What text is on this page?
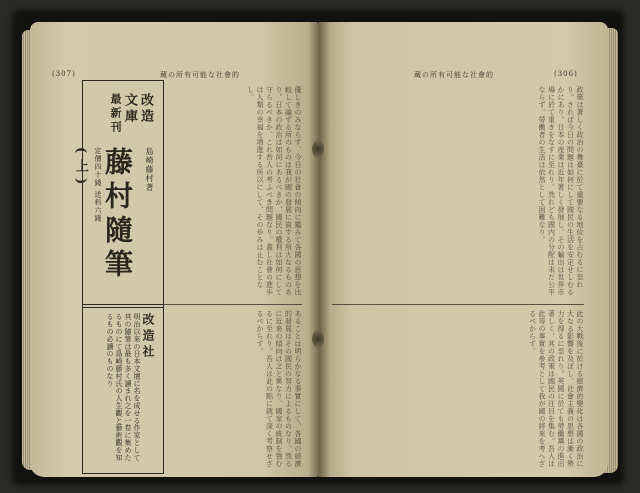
(307)	蔵の所有可能な社會的
優しきのみならず、今日の社會の傾向に鑑みて各國の思想を比較して論ずる所のものは我が國の發展に資する所大なるものあり。日本の政治は如何にあるべきか、國民の權利は如何にして守らるべきか、これ吾人の考ふべき問題なり。蓋し社會の進歩は人類の幸福を増進する所以にして、その歩みは止むことなし。
あることは明らかなる事實にして、各國の經濟的發展はその國民の努力によるものなり。然るに近來の傾向は之と異なり、國家の統制を強むるに至れり。吾人は此の點に就て深く考察せざるべからず。
改造
文庫
最新刊
島崎藤村著
藤村隨筆(上) 定價四十錢 送料六錢
改造社
明治以來の日本文壇に名を成せる作家として其の隨筆は最も多く讀まれ之を一卷に集めたるものにて島崎藤村氏の人生觀と藝術觀を知るもの必讀のものなり
(306)
蔵の所有可能な社會的
政策は著しく政治の舞臺に於て重要なる地位を占むるに至れり。されば今日の問題は如何にして國民の生活を安定せしむるかにあり。日本の産業は近年著しく發展し、その輸出は世界市場に於て重きをなすに至れり。然れども國内の分配は未だ公平ならず、勞働者の生活は依然として困難なり。
此の大戰後に於ける經濟的變化は各國の政治に大なる影響を及ぼし、社會主義の思想は漸く勢力を得るに至れり。英國に於ても勞働黨の進出著しく、其の政策は國民の注目を集む。吾人は此等の事實を參考として我が國の將來を考へざるべからず。
